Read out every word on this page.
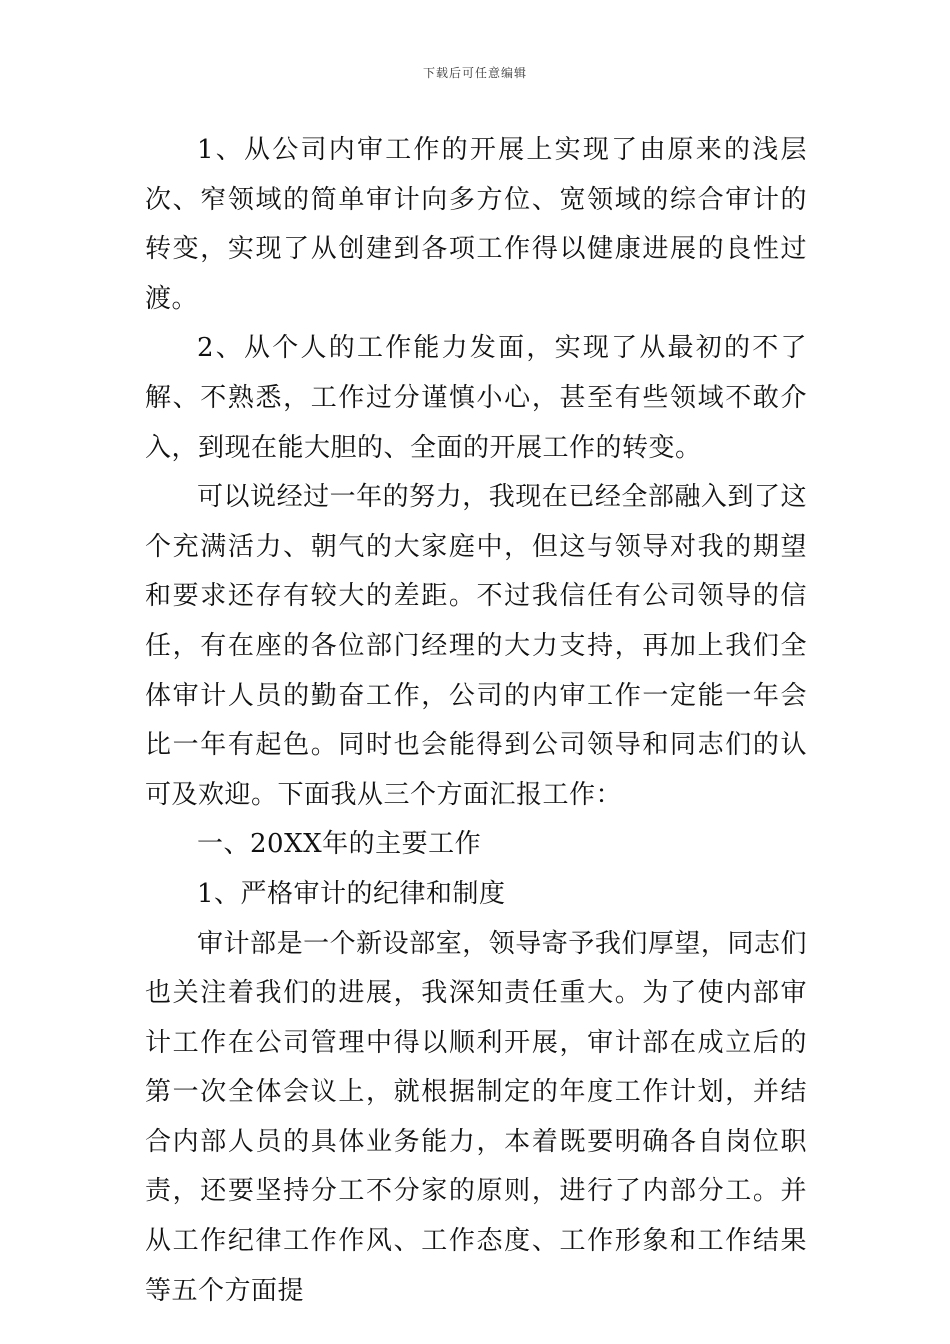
下载后可任意编辑

1、从公司内审工作的开展上实现了由原来的浅层次、窄领域的简单审计向多方位、宽领域的综合审计的转变，实现了从创建到各项工作得以健康进展的良性过渡。

2、从个人的工作能力发面，实现了从最初的不了解、不熟悉，工作过分谨慎小心，甚至有些领域不敢介入，到现在能大胆的、全面的开展工作的转变。

可以说经过一年的努力，我现在已经全部融入到了这个充满活力、朝气的大家庭中，但这与领导对我的期望和要求还存有较大的差距。不过我信任有公司领导的信任，有在座的各位部门经理的大力支持，再加上我们全体审计人员的勤奋工作，公司的内审工作一定能一年会比一年有起色。同时也会能得到公司领导和同志们的认可及欢迎。下面我从三个方面汇报工作：

一、20XX年的主要工作

1、严格审计的纪律和制度

审计部是一个新设部室，领导寄予我们厚望，同志们也关注着我们的进展，我深知责任重大。为了使内部审计工作在公司管理中得以顺利开展，审计部在成立后的第一次全体会议上，就根据制定的年度工作计划，并结合内部人员的具体业务能力，本着既要明确各自岗位职责，还要坚持分工不分家的原则，进行了内部分工。并从工作纪律工作作风、工作态度、工作形象和工作结果等五个方面提
